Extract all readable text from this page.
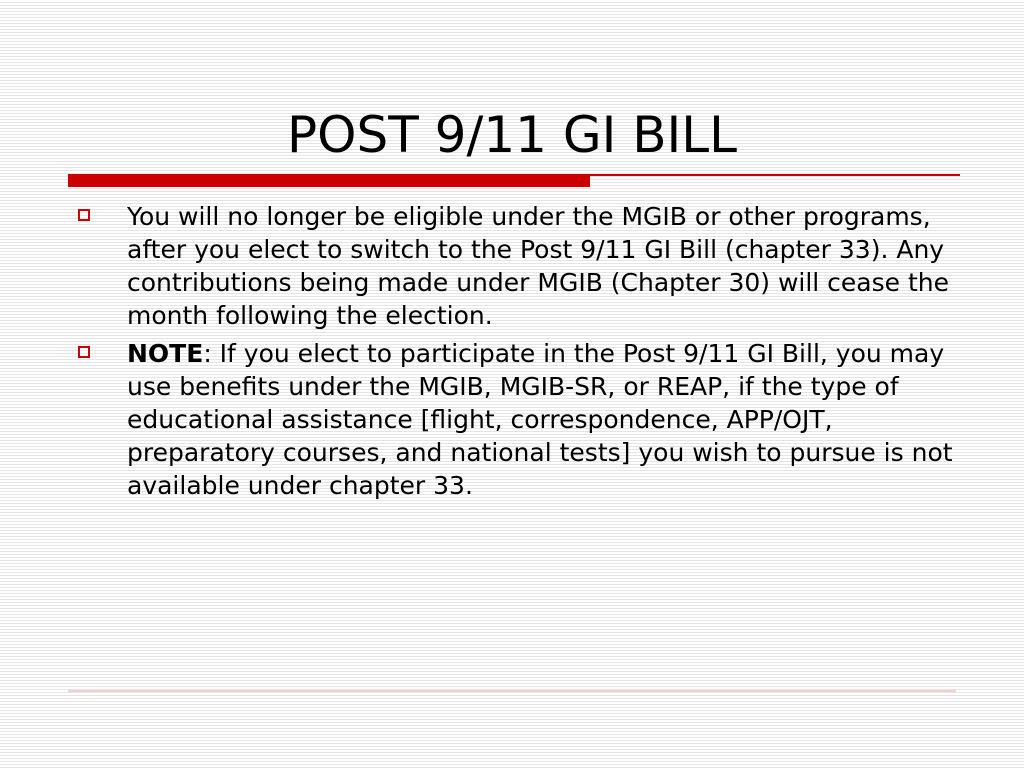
POST 9/11 GI BILL
You will no longer be eligible under the MGIB or other programs, after you elect to switch to the Post 9/11 GI Bill (chapter 33). Any contributions being made under MGIB (Chapter 30) will cease the month following the election.
NOTE: If you elect to participate in the Post 9/11 GI Bill, you may use benefits under the MGIB, MGIB-SR, or REAP, if the type of educational assistance [flight, correspondence, APP/OJT, preparatory courses, and national tests] you wish to pursue is not available under chapter 33.
